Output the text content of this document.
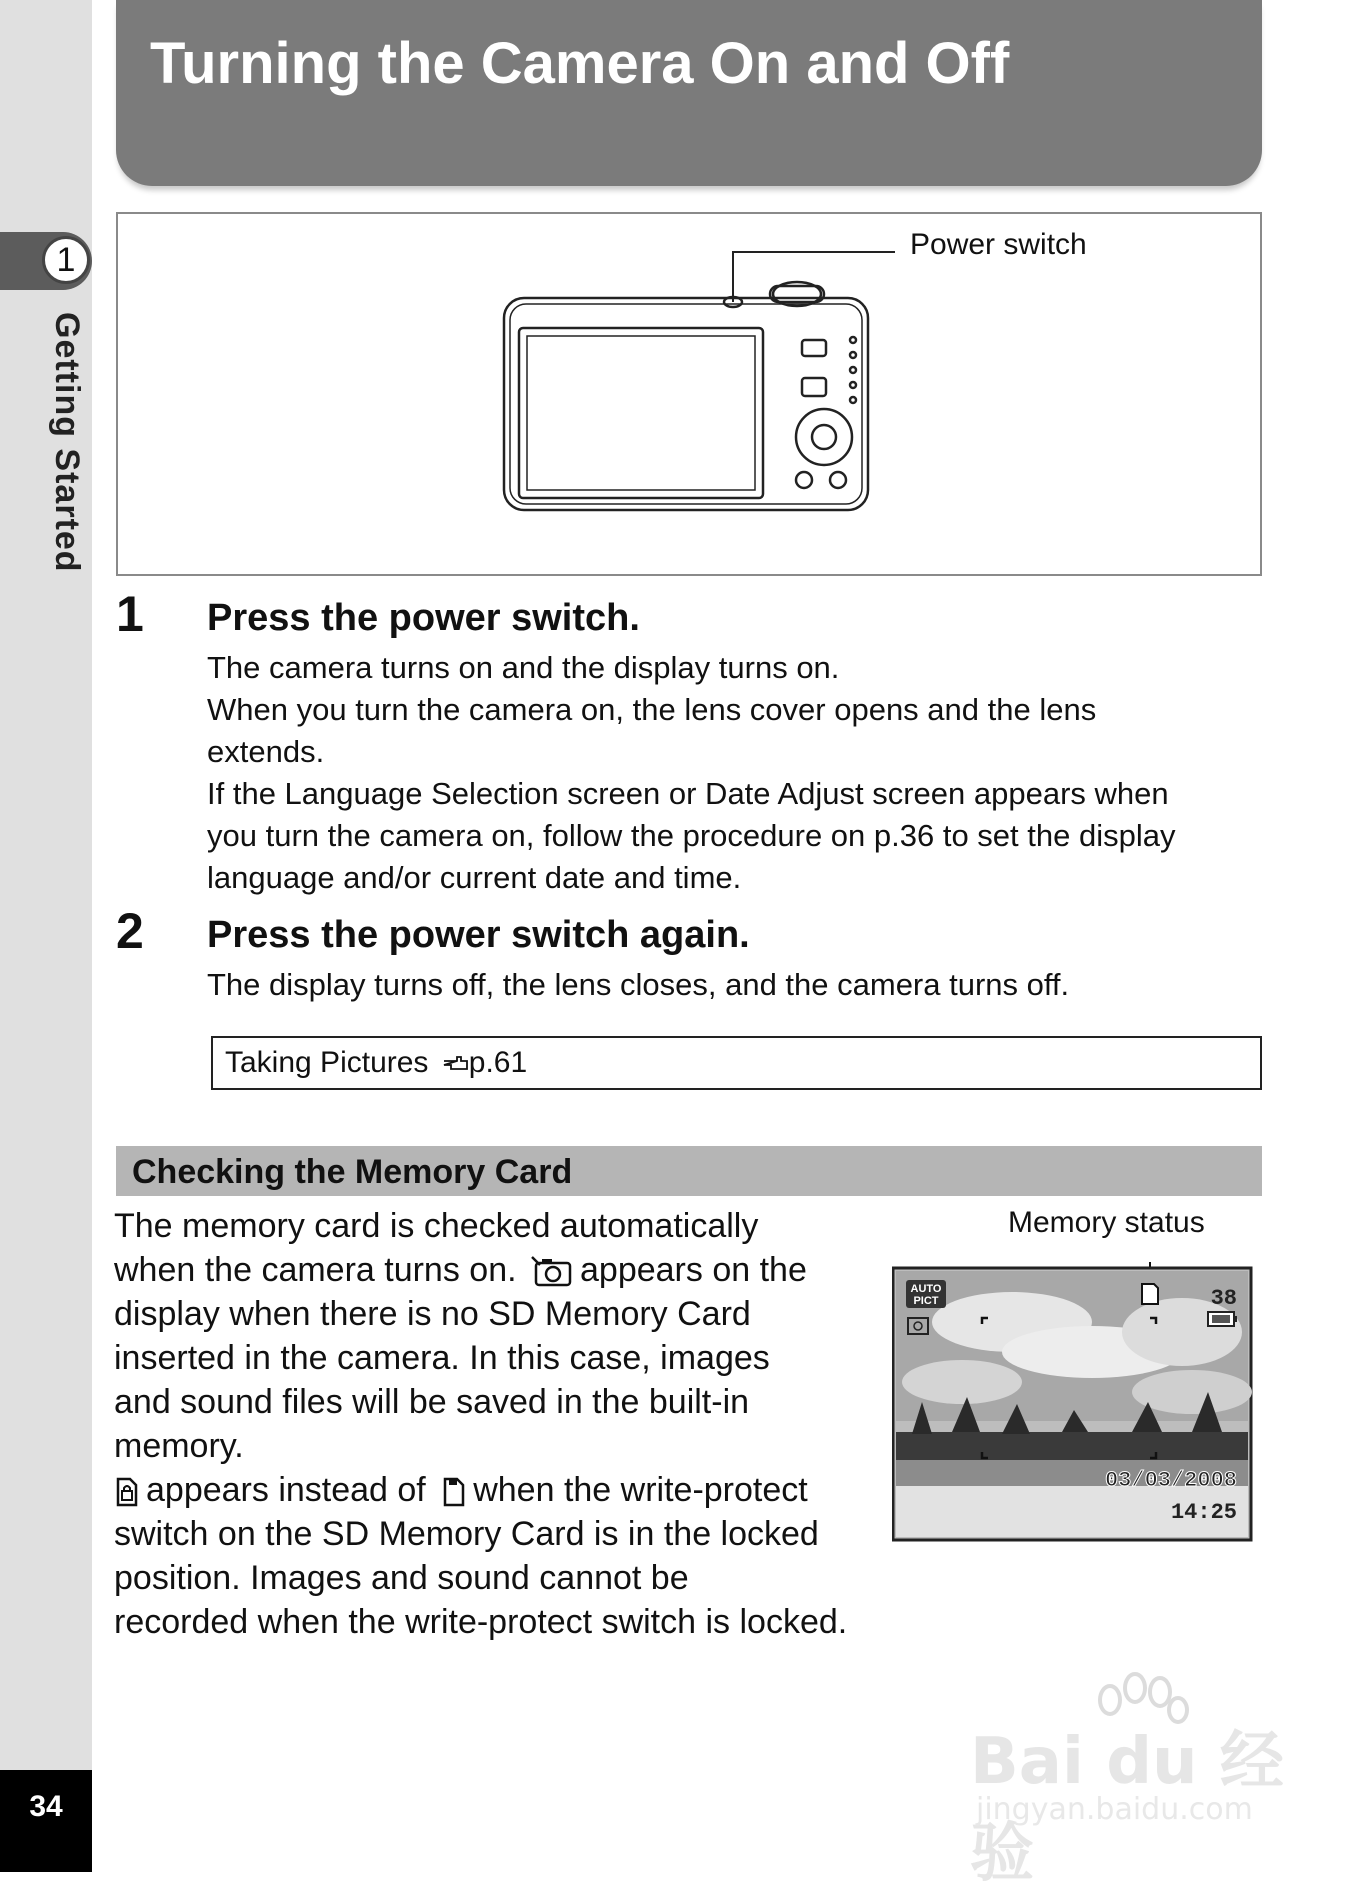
1
Getting Started
34
Turning the Camera On and Off
Power switch
1 Press the power switch.

The camera turns on and the display turns on.

When you turn the camera on, the lens cover opens and the lens

extends.

If the Language Selection screen or Date Adjust screen appears when

you turn the camera on, follow the procedure on p.36 to set the display

language and/or current date and time.

2 Press the power switch again.

The display turns off, the lens closes, and the camera turns off.

Taking Pictures p.61
Checking the Memory Card
The memory card is checked automatically
when the camera turns on. appears on the
display when there is no SD Memory Card
inserted in the camera. In this case, images
and sound files will be saved in the built-in
memory.
appears instead of when the write-protect
switch on the SD Memory Card is in the locked
position. Images and sound cannot be
recorded when the write-protect switch is locked.
Memory status
AUTO
PICT	38
03/03/2008
14:25
Bai du 经验
jingyan.baidu.com
